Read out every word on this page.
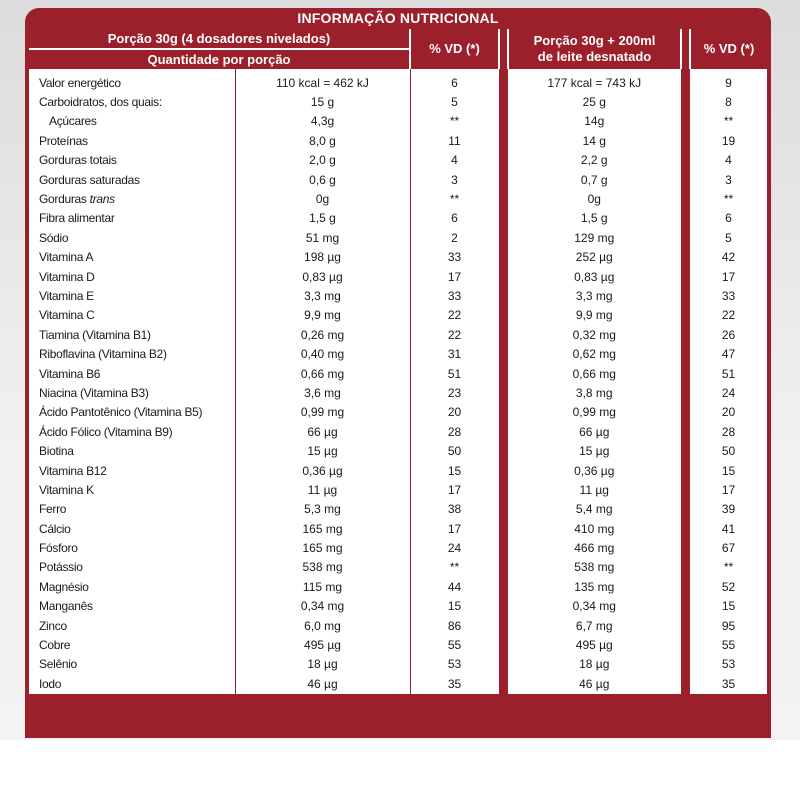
INFORMAÇÃO NUTRICIONAL
Porção 30g (4 dosadores nivelados)		% VD (*)		Porção 30g + 200ml
de leite desnatado		% VD (*)
Quantidade por porção						
Valor energético	110 kcal = 462 kJ	6		177 kcal = 743 kJ		9
Carboidratos, dos quais:	15 g	5		25 g		8
Açúcares	4,3g	**		14g		**
Proteínas	8,0 g	11		14 g		19
Gorduras totais	2,0 g	4		2,2 g		4
Gorduras saturadas	0,6 g	3		0,7 g		3
Gorduras trans	0g	**		0g		**
Fibra alimentar	1,5 g	6		1,5 g		6
Sódio	51 mg	2		129 mg		5
Vitamina A	198 µg	33		252 µg		42
Vitamina D	0,83 µg	17		0,83 µg		17
Vitamina E	3,3 mg	33		3,3 mg		33
Vitamina C	9,9 mg	22		9,9 mg		22
Tiamina (Vitamina B1)	0,26 mg	22		0,32 mg		26
Riboflavina (Vitamina B2)	0,40 mg	31		0,62 mg		47
Vitamina B6	0,66 mg	51		0,66 mg		51
Niacina (Vitamina B3)	3,6 mg	23		3,8 mg		24
Ácido Pantotênico (Vitamina B5)	0,99 mg	20		0,99 mg		20
Ácido Fólico (Vitamina B9)	66 µg	28		66 µg		28
Biotina	15 µg	50		15 µg		50
Vitamina B12	0,36 µg	15		0,36 µg		15
Vitamina K	11 µg	17		11 µg		17
Ferro	5,3 mg	38		5,4 mg		39
Cálcio	165 mg	17		410 mg		41
Fósforo	165 mg	24		466 mg		67
Potássio	538 mg	**		538 mg		**
Magnésio	115 mg	44		135 mg		52
Manganês	0,34 mg	15		0,34 mg		15
Zinco	6,0 mg	86		6,7 mg		95
Cobre	495 µg	55		495 µg		55
Selênio	18 µg	53		18 µg		53
Iodo	46 µg	35		46 µg		35
